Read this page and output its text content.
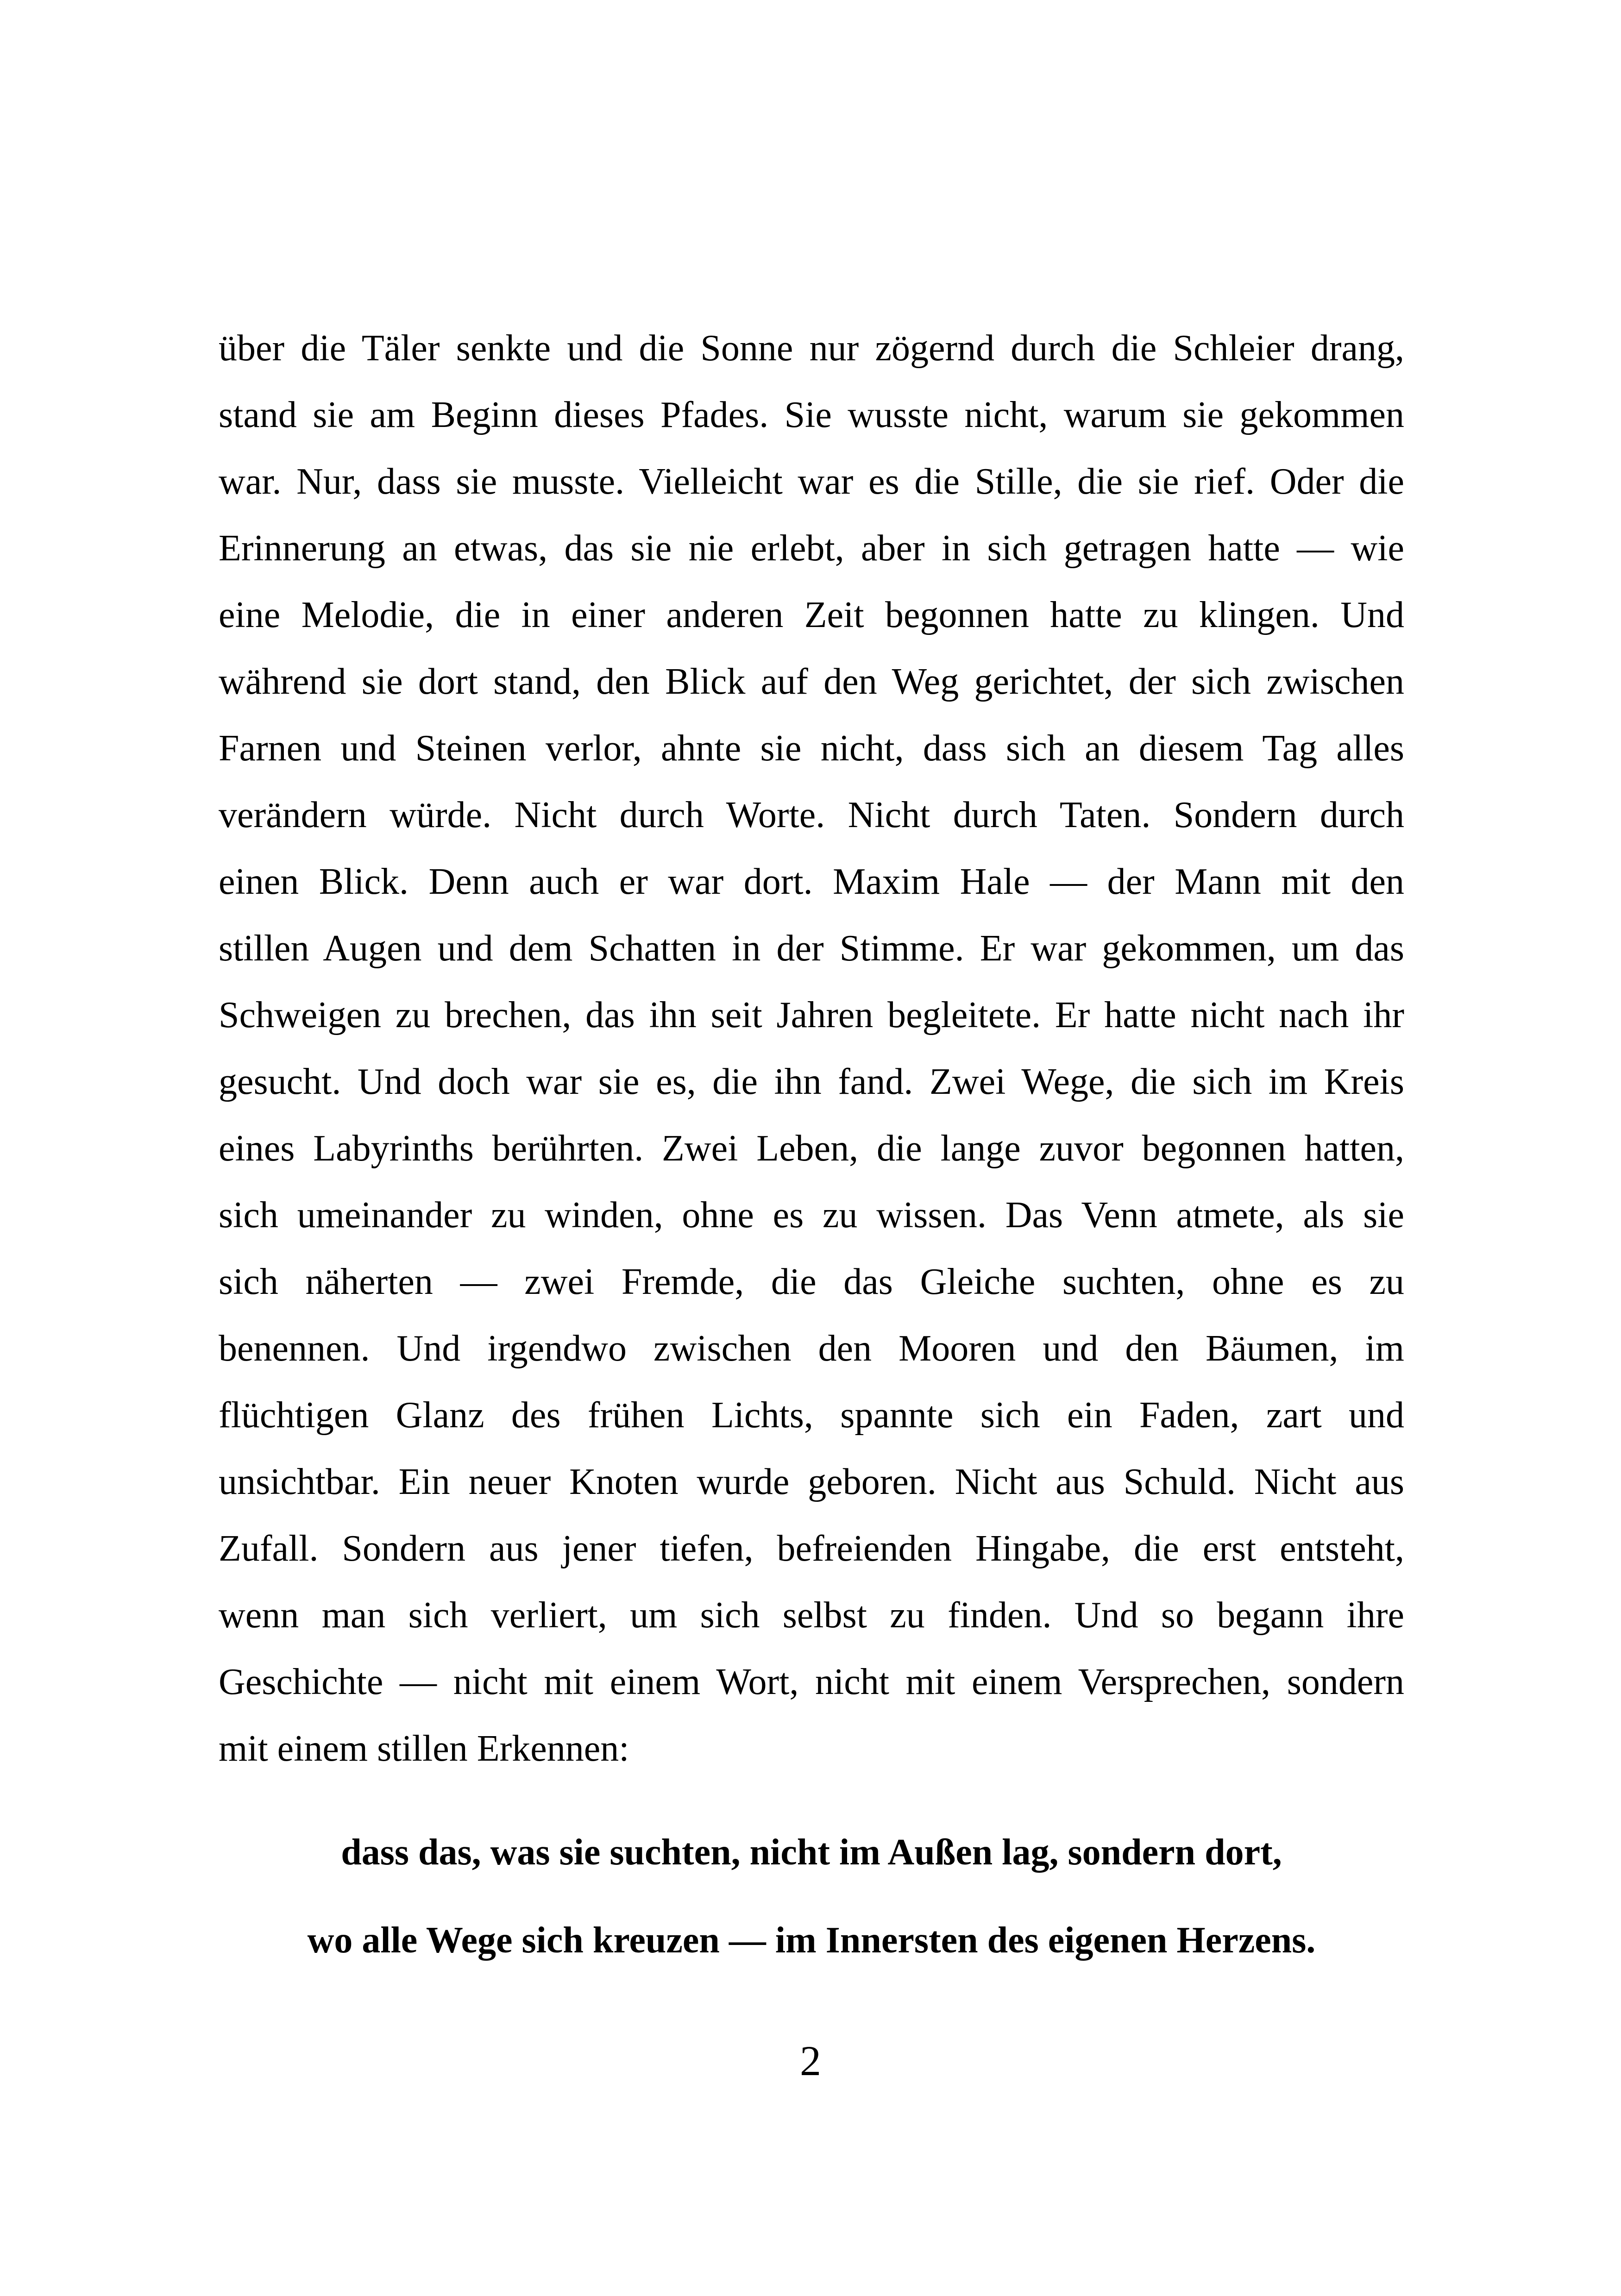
über die Täler senkte und die Sonne nur zögernd durch die Schleier drang,
stand sie am Beginn dieses Pfades. Sie wusste nicht, warum sie gekommen
war. Nur, dass sie musste. Vielleicht war es die Stille, die sie rief. Oder die
Erinnerung an etwas, das sie nie erlebt, aber in sich getragen hatte — wie
eine Melodie, die in einer anderen Zeit begonnen hatte zu klingen. Und
während sie dort stand, den Blick auf den Weg gerichtet, der sich zwischen
Farnen und Steinen verlor, ahnte sie nicht, dass sich an diesem Tag alles
verändern würde. Nicht durch Worte. Nicht durch Taten. Sondern durch
einen Blick. Denn auch er war dort. Maxim Hale — der Mann mit den
stillen Augen und dem Schatten in der Stimme. Er war gekommen, um das
Schweigen zu brechen, das ihn seit Jahren begleitete. Er hatte nicht nach ihr
gesucht. Und doch war sie es, die ihn fand. Zwei Wege, die sich im Kreis
eines Labyrinths berührten. Zwei Leben, die lange zuvor begonnen hatten,
sich umeinander zu winden, ohne es zu wissen. Das Venn atmete, als sie
sich näherten — zwei Fremde, die das Gleiche suchten, ohne es zu
benennen. Und irgendwo zwischen den Mooren und den Bäumen, im
flüchtigen Glanz des frühen Lichts, spannte sich ein Faden, zart und
unsichtbar. Ein neuer Knoten wurde geboren. Nicht aus Schuld. Nicht aus
Zufall. Sondern aus jener tiefen, befreienden Hingabe, die erst entsteht,
wenn man sich verliert, um sich selbst zu finden. Und so begann ihre
Geschichte — nicht mit einem Wort, nicht mit einem Versprechen, sondern
mit einem stillen Erkennen:
dass das, was sie suchten, nicht im Außen lag, sondern dort,
wo alle Wege sich kreuzen — im Innersten des eigenen Herzens.
2
